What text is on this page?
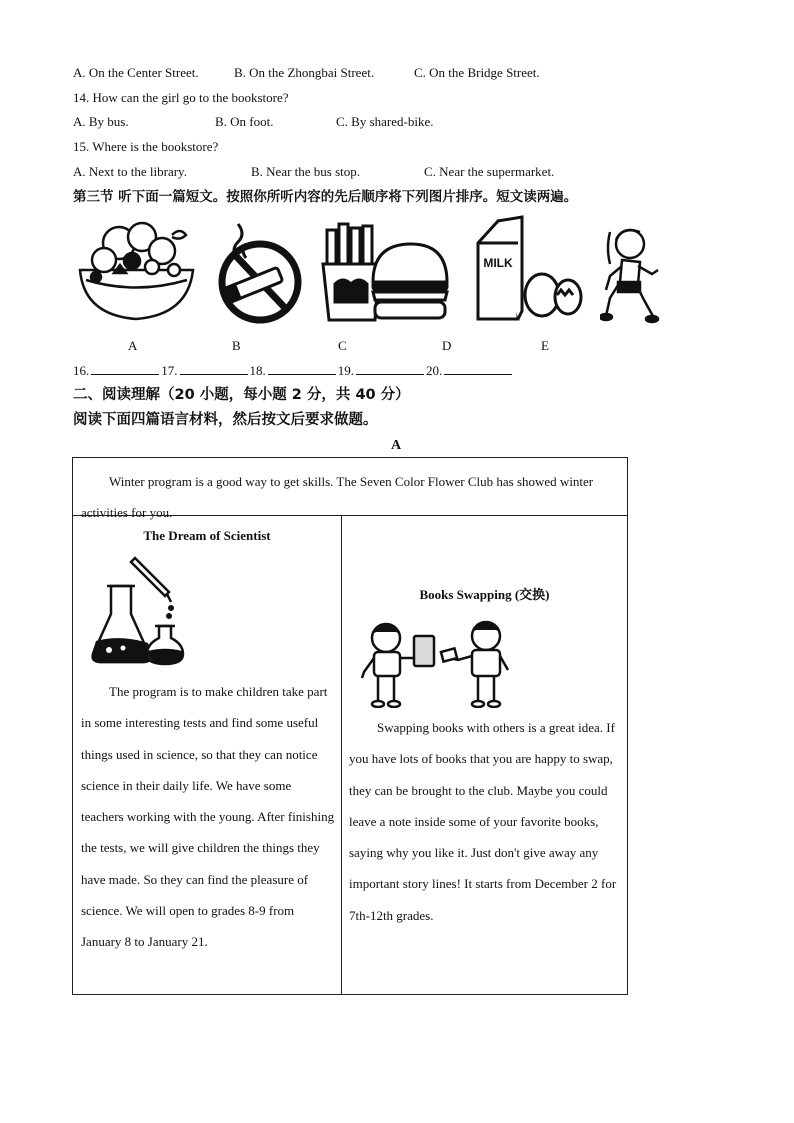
A. On the Center Street.	B. On the Zhongbai Street.	C. On the Bridge Street.
14. How can the girl go to the bookstore?
A. By bus.	B. On foot.	C. By shared-bike.
15. Where is the bookstore?
A. Next to the library.	B. Near the bus stop.	C. Near the supermarket.
第三节 听下面一篇短文。按照你所听内容的先后顺序将下列图片排序。短文读两遍。
MILK
A	B	C	D	E
16.	17.	18.	19.	20.
二、阅读理解（20 小题，每小题 2 分，共 40 分）
阅读下面四篇语言材料，然后按文后要求做题。
A
Winter program is a good way to get skills. The Seven Color Flower Club has showed winter activities for you.

The Dream of Scientist
The program is to make children take part in some interesting tests and find some useful things used in science, so that they can notice science in their daily life. We have some teachers working with the young. After finishing the tests, we will give children the things they have made. So they can find the pleasure of science. We will open to grades 8-9 from January 8 to January 21.

Books Swapping (交换)
Swapping books with others is a great idea. If you have lots of books that you are happy to swap, they can be brought to the club. Maybe you could leave a note inside some of your favorite books, saying why you like it. Just don't give away any important story lines! It starts from December 2 for 7th-12th grades.
